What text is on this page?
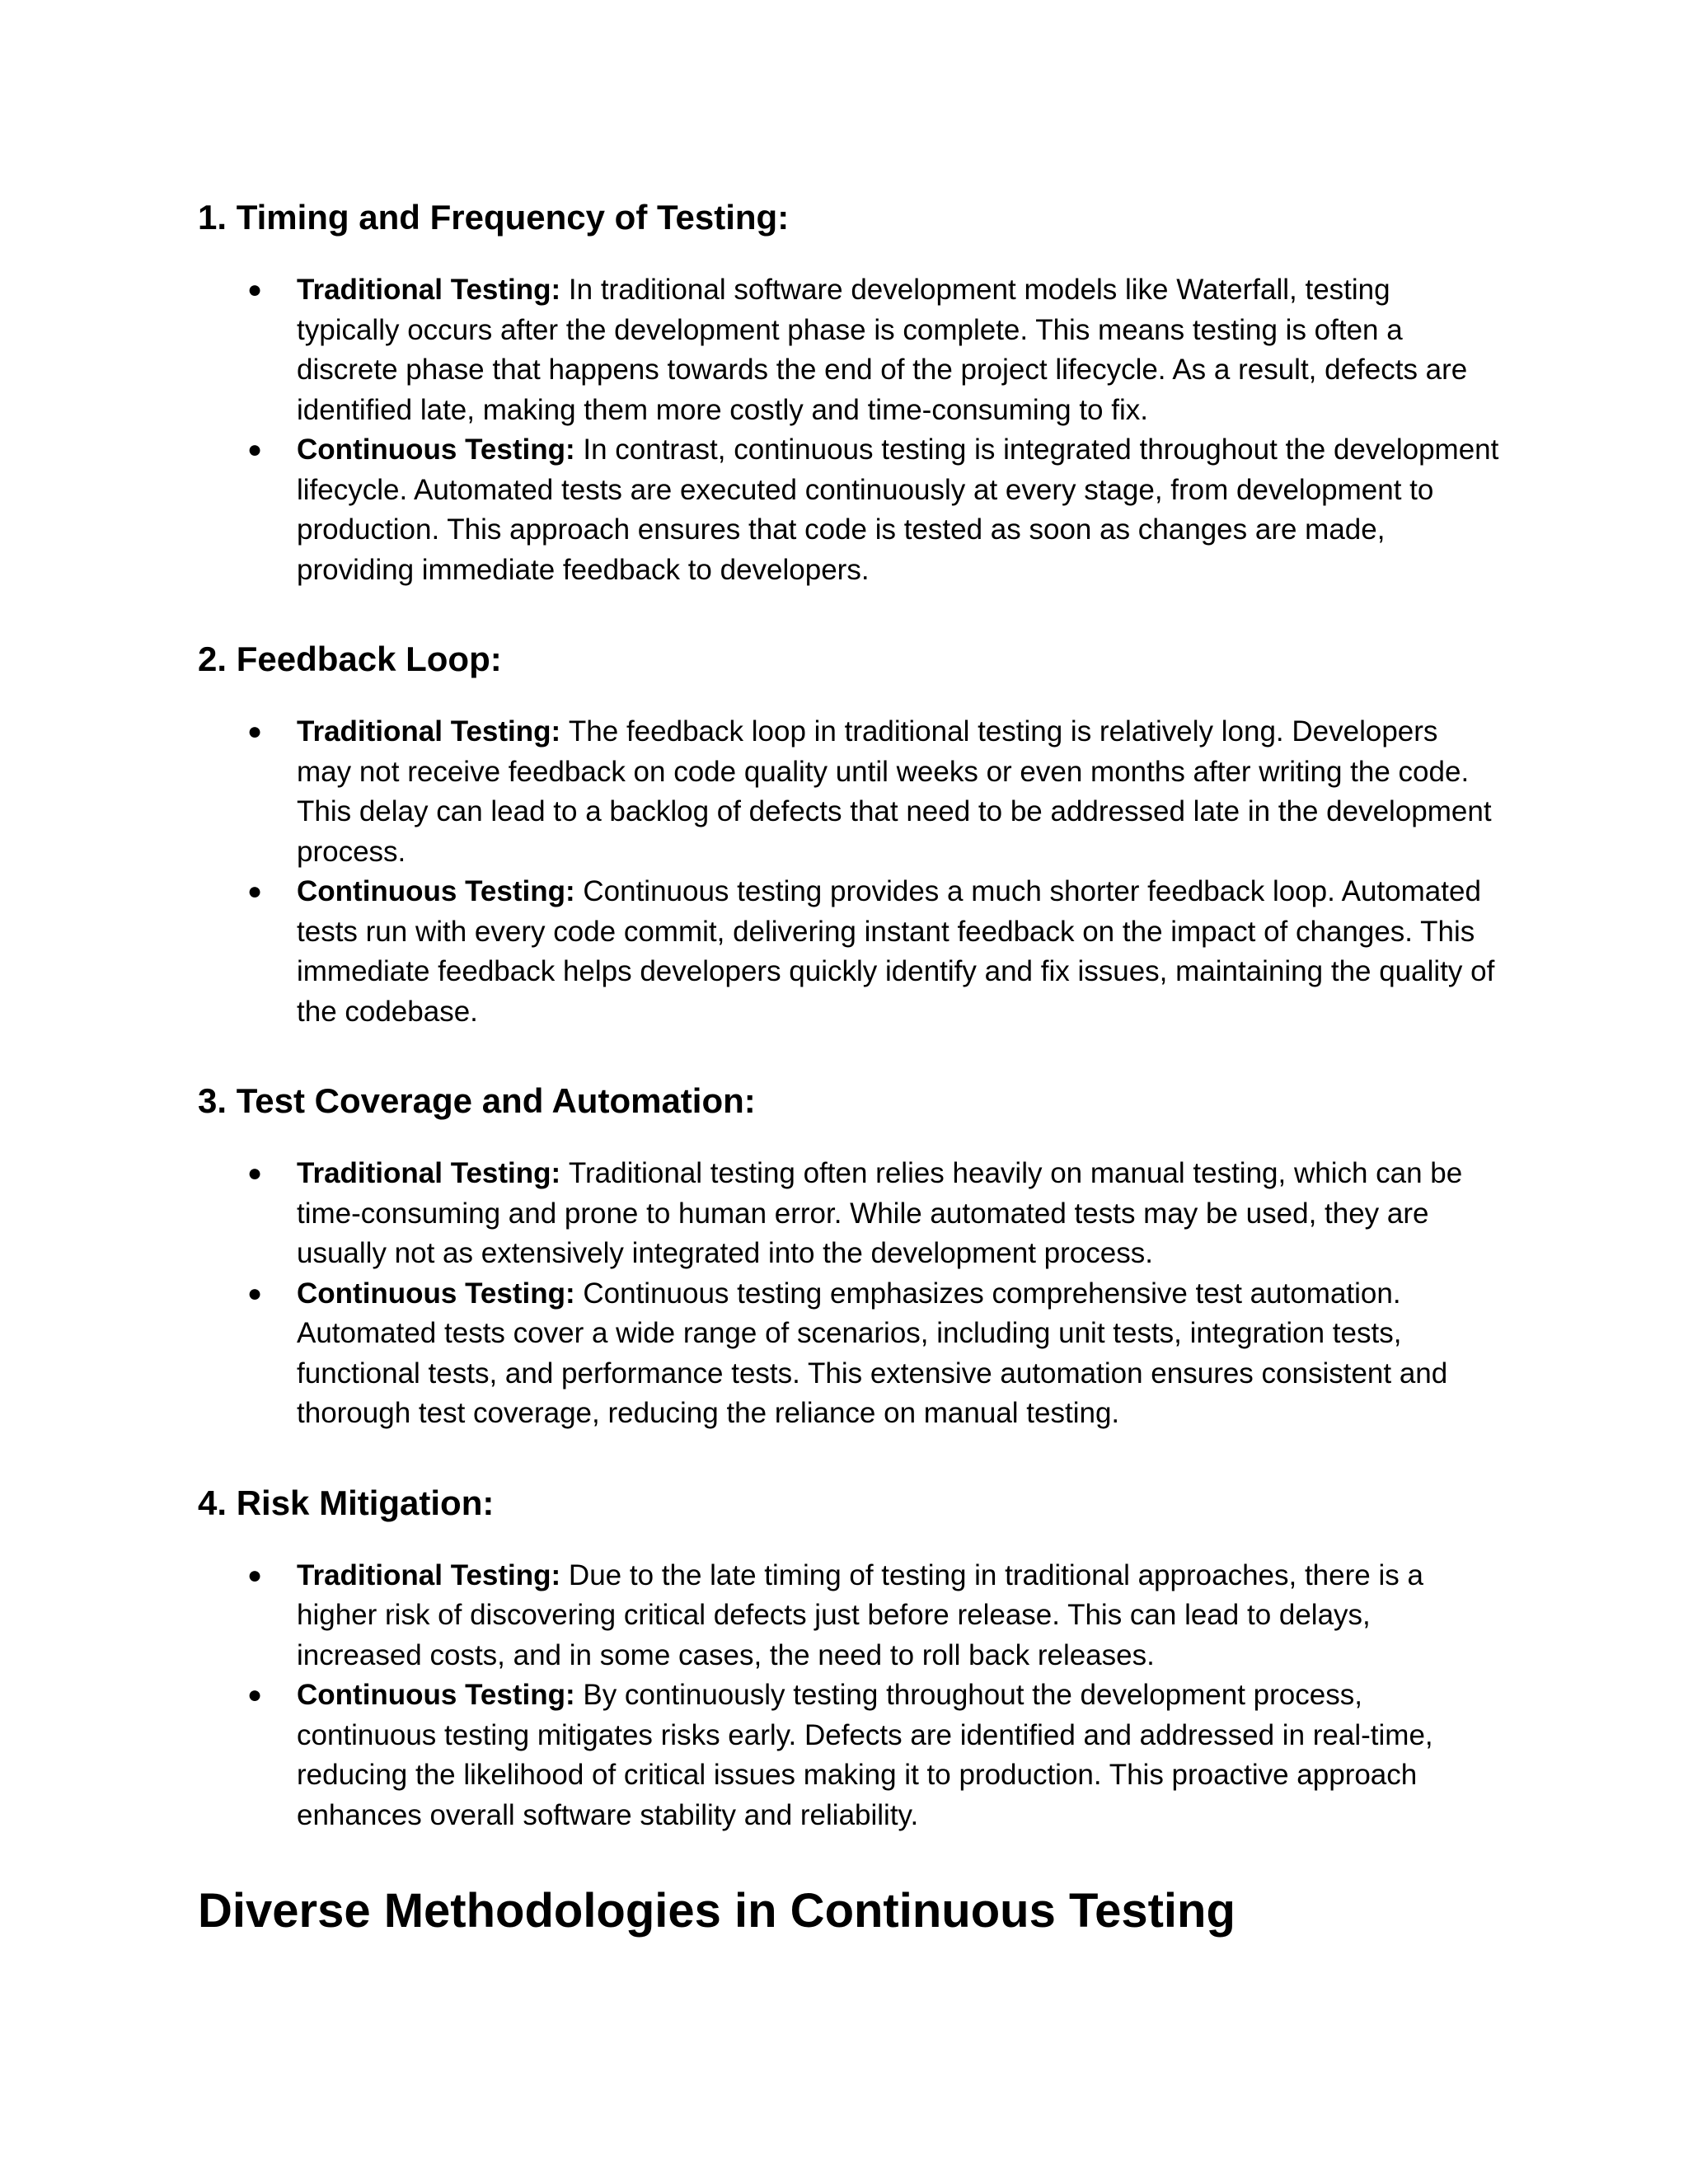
1. Timing and Frequency of Testing:
● Traditional Testing: In traditional software development models like Waterfall, testing typically occurs after the development phase is complete. This means testing is often a discrete phase that happens towards the end of the project lifecycle. As a result, defects are identified late, making them more costly and time-consuming to fix.
● Continuous Testing: In contrast, continuous testing is integrated throughout the development lifecycle. Automated tests are executed continuously at every stage, from development to production. This approach ensures that code is tested as soon as changes are made, providing immediate feedback to developers.
2. Feedback Loop:
● Traditional Testing: The feedback loop in traditional testing is relatively long. Developers may not receive feedback on code quality until weeks or even months after writing the code. This delay can lead to a backlog of defects that need to be addressed late in the development process.
● Continuous Testing: Continuous testing provides a much shorter feedback loop. Automated tests run with every code commit, delivering instant feedback on the impact of changes. This immediate feedback helps developers quickly identify and fix issues, maintaining the quality of the codebase.
3. Test Coverage and Automation:
● Traditional Testing: Traditional testing often relies heavily on manual testing, which can be time-consuming and prone to human error. While automated tests may be used, they are usually not as extensively integrated into the development process.
● Continuous Testing: Continuous testing emphasizes comprehensive test automation. Automated tests cover a wide range of scenarios, including unit tests, integration tests, functional tests, and performance tests. This extensive automation ensures consistent and thorough test coverage, reducing the reliance on manual testing.
4. Risk Mitigation:
● Traditional Testing: Due to the late timing of testing in traditional approaches, there is a higher risk of discovering critical defects just before release. This can lead to delays, increased costs, and in some cases, the need to roll back releases.
● Continuous Testing: By continuously testing throughout the development process, continuous testing mitigates risks early. Defects are identified and addressed in real-time, reducing the likelihood of critical issues making it to production. This proactive approach enhances overall software stability and reliability.
Diverse Methodologies in Continuous Testing
